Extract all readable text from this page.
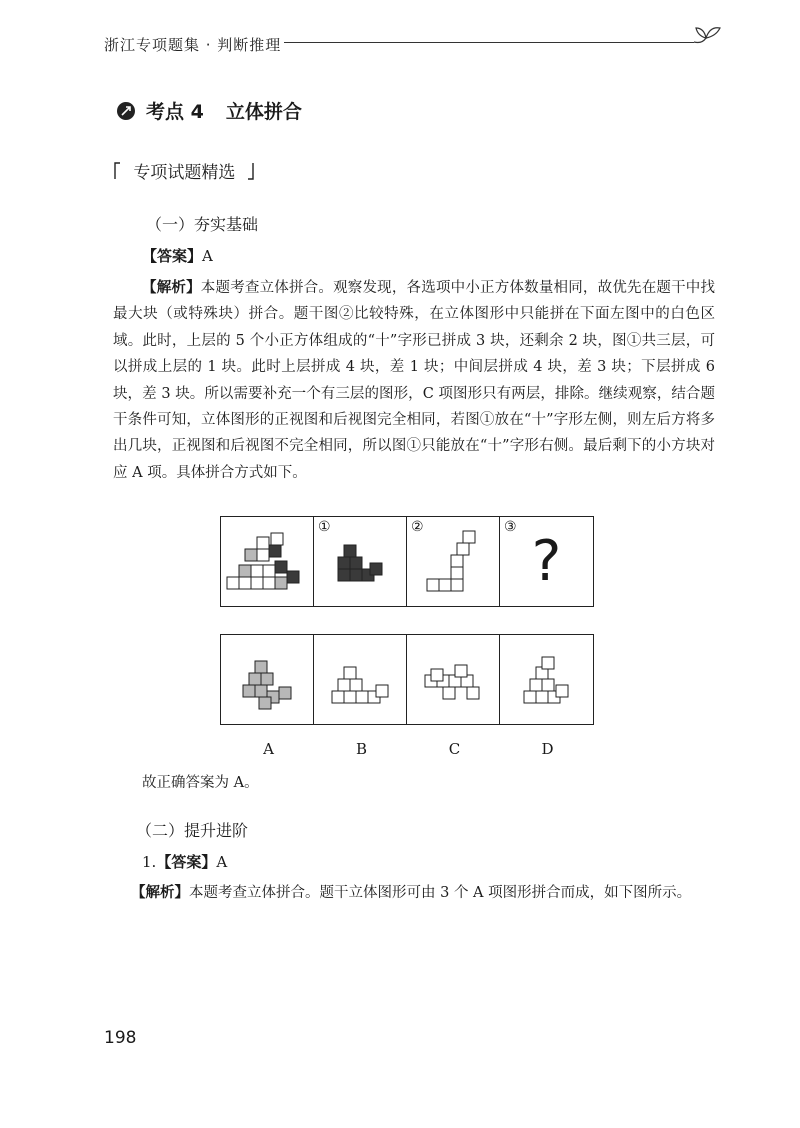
浙江专项题集 · 判断推理
考点 4 立体拼合
专项试题精选
（一）夯实基础
【答案】A
【解析】本题考查立体拼合。观察发现，各选项中小正方体数量相同，故优先在题干中找最大块（或特殊块）拼合。题干图②比较特殊，在立体图形中只能拼在下面左图中的白色区域。此时，上层的 5 个小正方体组成的“十”字形已拼成 3 块，还剩余 2 块，图①共三层，可以拼成上层的 1 块。此时上层拼成 4 块，差 1 块；中间层拼成 4 块，差 3 块；下层拼成 6 块，差 3 块。所以需要补充一个有三层的图形，C 项图形只有两层，排除。继续观察，结合题干条件可知，立体图形的正视图和后视图完全相同，若图①放在“十”字形左侧，则左后方将多出几块，正视图和后视图不完全相同，所以图①只能放在“十”字形右侧。最后剩下的小方块对应 A 项。具体拼合方式如下。
①	②	③
?
A	B	C	D
故正确答案为 A。
（二）提升进阶
1.【答案】A
【解析】本题考查立体拼合。题干立体图形可由 3 个 A 项图形拼合而成，如下图所示。
198
